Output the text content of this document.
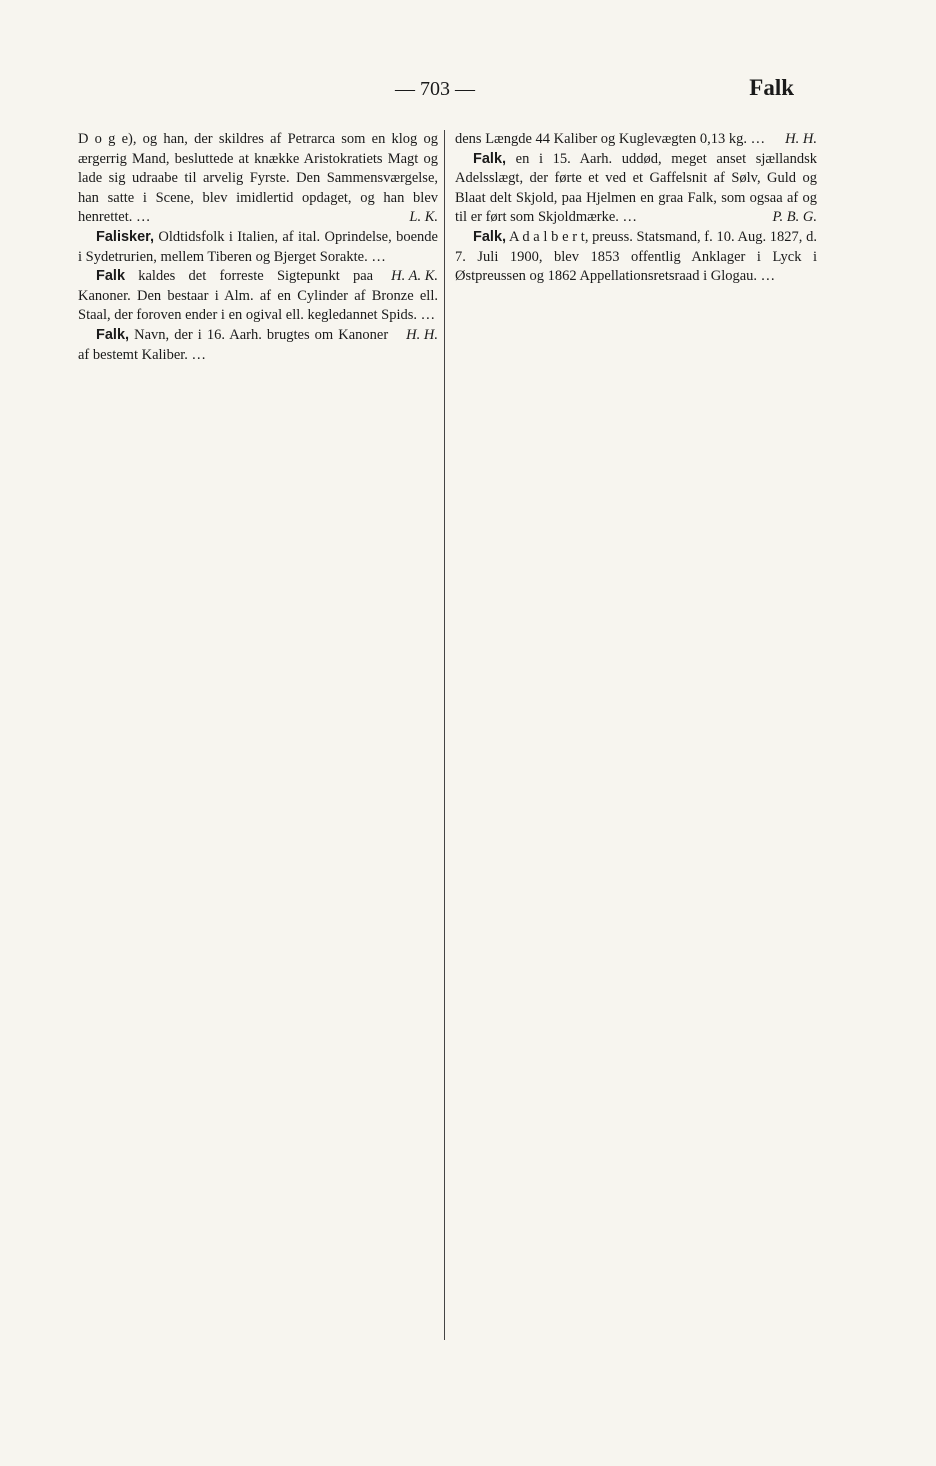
— 703 —	Falk

D o g e), og han, der skildres af Petrarca som en klog og ærgerrig Mand, besluttede at knække Aristokratiets Magt og lade sig udraabe til arvelig Fyrste. Den Sammensværgelse, han satte i Scene, blev imidlertid opdaget, og han blev henrettet. …	L. K.

Falisker, Oldtidsfolk i Italien, af ital. Oprindelse, boende i Sydetrurien, mellem Tiberen og Bjerget Sorakte. …
H. A. K.

Falk kaldes det forreste Sigtepunkt paa Kanoner. Den bestaar i Alm. af en Cylinder af Bronze ell. Staal, der foroven ender i en ogival ell. kegledannet Spids. …
H. H.

Falk, Navn, der i 16. Aarh. brugtes om Kanoner af bestemt Kaliber. …

dens Længde 44 Kaliber og Kuglevægten 0,13 kg. … H. H.

Falk, en i 15. Aarh. uddød, meget anset sjællandsk Adelsslægt, der førte et ved et Gaffelsnit af Sølv, Guld og Blaat delt Skjold, paa Hjelmen en graa Falk, som ogsaa af og til er ført som Skjoldmærke. …	P. B. G.

Falk, A d a l b e r t, preuss. Statsmand, f. 10. Aug. 1827, d. 7. Juli 1900, blev 1853 offentlig Anklager i Lyck i Østpreussen og 1862 Appellationsretsraad i Glogau. …
